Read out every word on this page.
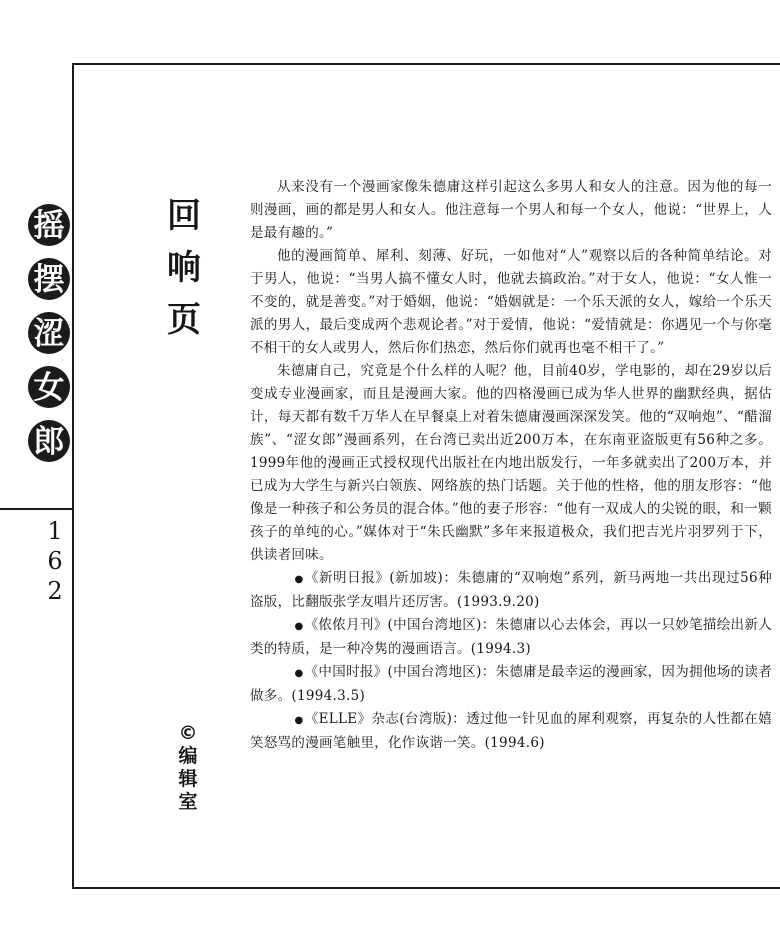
摇
摆
涩
女
郎
1
6
2
回
响
页
©
编
辑
室

从来没有一个漫画家像朱德庸这样引起这么多男人和女人的注意。因为他的每一则漫画，画的都是男人和女人。他注意每一个男人和每一个女人，他说：“世界上，人是最有趣的。”

他的漫画简单、犀利、刻薄、好玩，一如他对“人”观察以后的各种简单结论。对于男人，他说：“当男人搞不懂女人时，他就去搞政治。”对于女人，他说：“女人惟一不变的，就是善变。”对于婚姻，他说：“婚姻就是：一个乐天派的女人，嫁给一个乐天派的男人，最后变成两个悲观论者。”对于爱情，他说：“爱情就是：你遇见一个与你毫不相干的女人或男人，然后你们热恋，然后你们就再也毫不相干了。”

朱德庸自己，究竟是个什么样的人呢？他，目前40岁，学电影的，却在29岁以后变成专业漫画家，而且是漫画大家。他的四格漫画已成为华人世界的幽默经典，据估计，每天都有数千万华人在早餐桌上对着朱德庸漫画深深发笑。他的“双响炮”、“醋溜族”、“涩女郎”漫画系列，在台湾已卖出近200万本，在东南亚盗版更有56种之多。1999年他的漫画正式授权现代出版社在内地出版发行，一年多就卖出了200万本，并已成为大学生与新兴白领族、网络族的热门话题。关于他的性格，他的朋友形容：“他像是一种孩子和公务员的混合体。”他的妻子形容：“他有一双成人的尖锐的眼，和一颗孩子的单纯的心。”媒体对于“朱氏幽默”多年来报道极众，我们把吉光片羽罗列于下，供读者回味。

●《新明日报》(新加坡)：朱德庸的“双响炮”系列，新马两地一共出现过56种盗版，比翻版张学友唱片还厉害。(1993.9.20)

●《侬侬月刊》(中国台湾地区)：朱德庸以心去体会，再以一只妙笔描绘出新人类的特质，是一种冷隽的漫画语言。(1994.3)

●《中国时报》(中国台湾地区)：朱德庸是最幸运的漫画家，因为拥他场的读者做多。(1994.3.5)

●《ELLE》杂志(台湾版)：透过他一针见血的犀利观察，再复杂的人性都在嬉笑怒骂的漫画笔触里，化作诙谐一笑。(1994.6)
